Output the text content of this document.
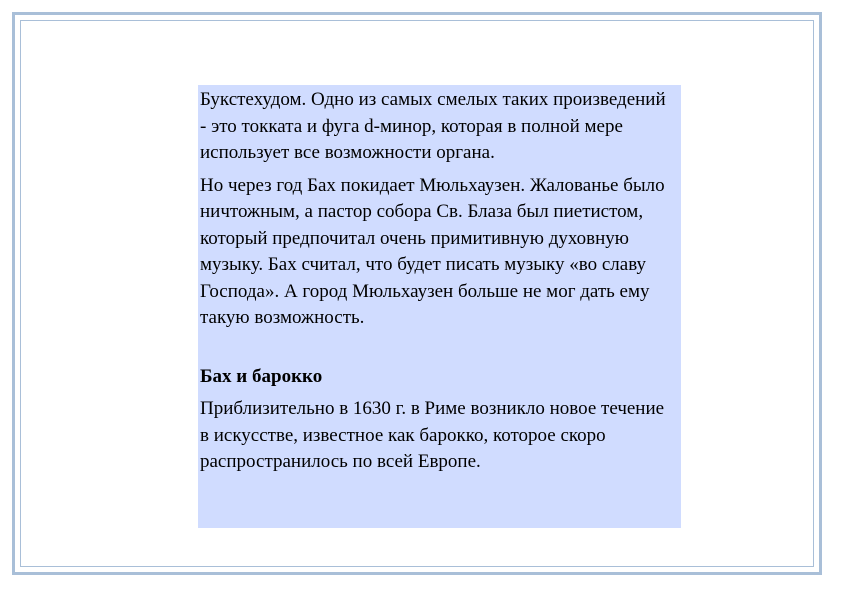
Букстехудом. Одно из самых смелых таких произведений - это токката и фуга d-минор, которая в полной мере использует все возможности органа.

Но через год Бах покидает Мюльхаузен. Жалованье было ничтожным, а пастор собора Св. Блаза был пиетистом, который предпочитал очень примитивную духовную музыку. Бах считал, что будет писать музыку «во славу Господа». А город Мюльхаузен больше не мог дать ему такую возможность.

Бах и барокко

Приблизительно в 1630 г. в Риме возникло новое течение в искусстве, известное как барокко, которое скоро распространилось по всей Европе.
